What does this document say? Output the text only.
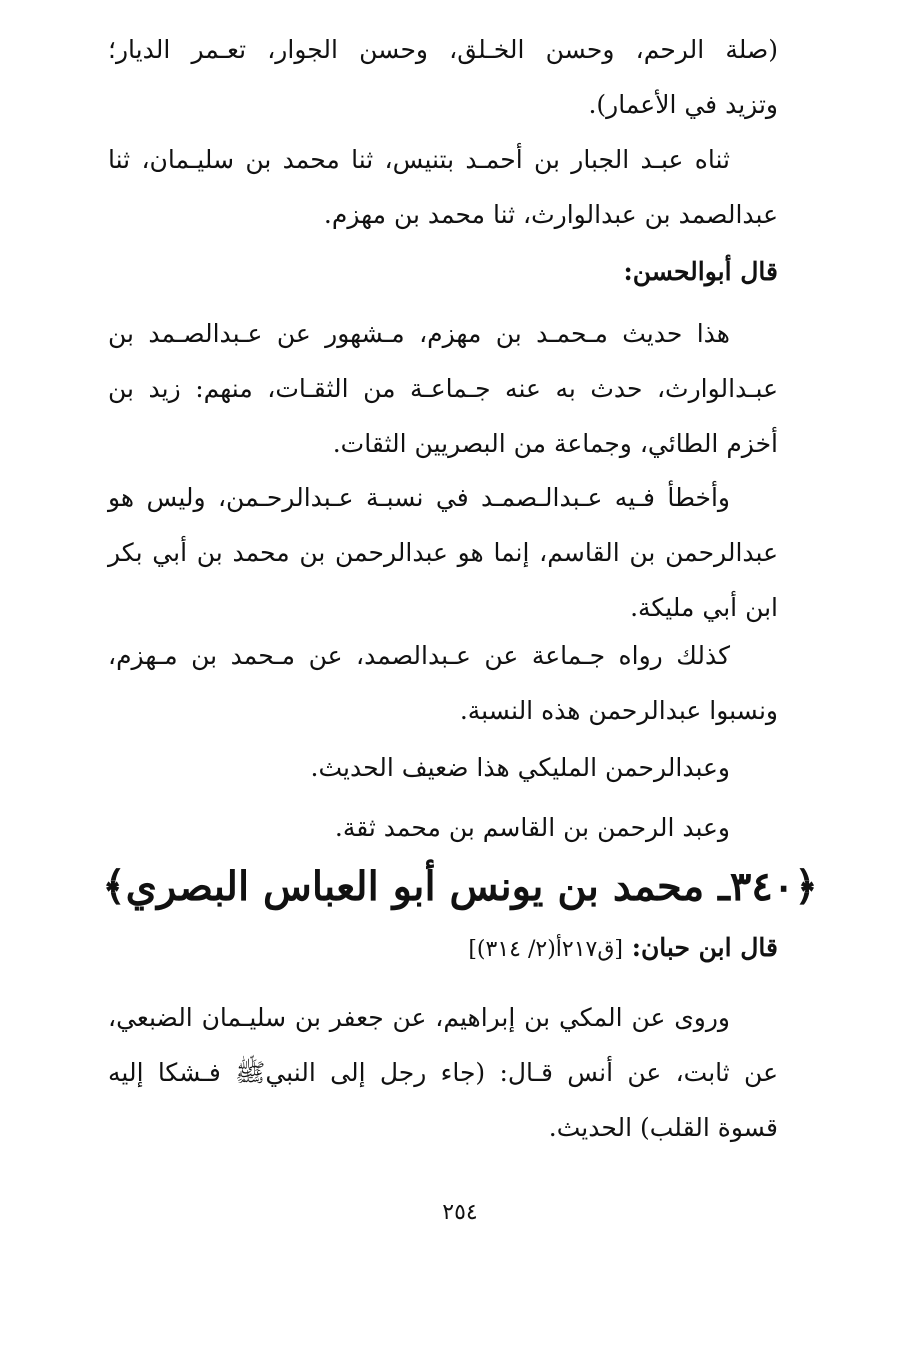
(صلة الرحم، وحسن الخـلق، وحسن الجوار، تعـمر الديار؛
وتزيد في الأعمار).
ثناه عبـد الجبار بن أحمـد بتنيس، ثنا محمد بن سليـمان، ثنا
عبدالصمد بن عبدالوارث، ثنا محمد بن مهزم.
قال أبوالحسن:
هذا حديث مـحمـد بن مهزم، مـشهور عن عـبدالصـمد بن
عبـدالوارث، حدث به عنه جـماعـة من الثقـات، منهم: زيد بن
أخزم الطائي، وجماعة من البصريين الثقات.
وأخطأ فـيه عـبدالـصمـد في نسبـة عـبدالرحـمن، وليس هو
عبدالرحمن بن القاسم، إنما هو عبدالرحمن بن محمد بن أبي بكر
ابن أبي مليكة.
كذلك رواه جـماعة عن عـبدالصمد، عن مـحمد بن مـهزم،
ونسبوا عبدالرحمن هذه النسبة.
وعبدالرحمن المليكي هذا ضعيف الحديث.
وعبد الرحمن بن القاسم بن محمد ثقة.
﴿٣٤٠ـ محمد بن يونس أبو العباس البصري﴾
قال ابن حبان: [ق٢١٧أ(٢/ ٣١٤)]
وروى عن المكي بن إبراهيم، عن جعفر بن سليـمان الضبعي،
عن ثابت، عن أنس قـال: (جاء رجل إلى النبيﷺ فـشكا إليه
قسوة القلب) الحديث.
٢٥٤
